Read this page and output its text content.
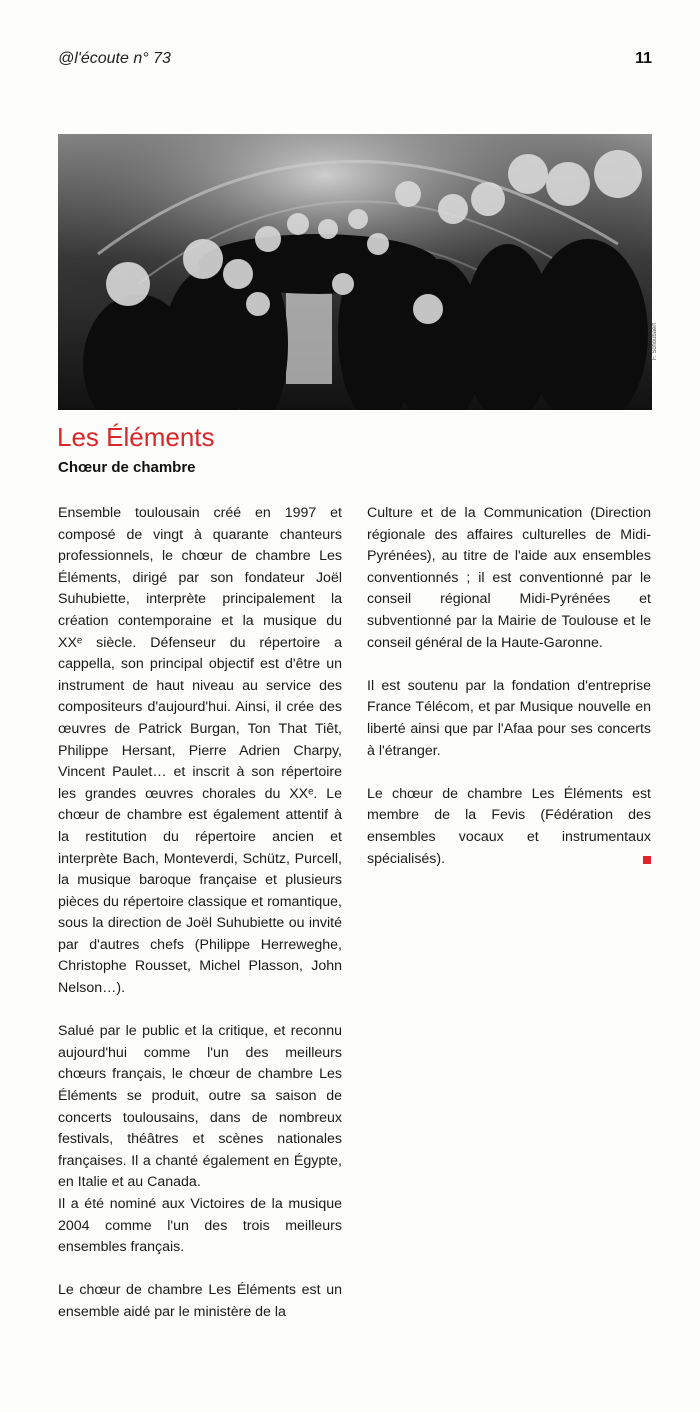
@l'écoute n° 73	11
F. Schoubaert
Les Éléments
Chœur de chambre

Ensemble toulousain créé en 1997 et composé de vingt à quarante chanteurs professionnels, le chœur de chambre Les Éléments, dirigé par son fondateur Joël Suhubiette, interprète principalement la création contemporaine et la musique du XXᵉ siècle. Défenseur du répertoire a cappella, son principal objectif est d'être un instrument de haut niveau au service des compositeurs d'aujourd'hui. Ainsi, il crée des œuvres de Patrick Burgan, Ton That Tiêt, Philippe Hersant, Pierre Adrien Charpy, Vincent Paulet… et inscrit à son répertoire les grandes œuvres chorales du XXᵉ. Le chœur de chambre est également attentif à la restitution du répertoire ancien et interprète Bach, Monteverdi, Schütz, Purcell, la musique baroque française et plusieurs pièces du répertoire classique et romantique, sous la direction de Joël Suhubiette ou invité par d'autres chefs (Philippe Herreweghe, Christophe Rousset, Michel Plasson, John Nelson…).

Salué par le public et la critique, et reconnu aujourd'hui comme l'un des meilleurs chœurs français, le chœur de chambre Les Éléments se produit, outre sa saison de concerts toulousains, dans de nombreux festivals, théâtres et scènes nationales françaises. Il a chanté également en Égypte, en Italie et au Canada.

Il a été nominé aux Victoires de la musique 2004 comme l'un des trois meilleurs ensembles français.

Le chœur de chambre Les Éléments est un ensemble aidé par le ministère de la

Culture et de la Communication (Direction régionale des affaires culturelles de Midi-Pyrénées), au titre de l'aide aux ensembles conventionnés ; il est conventionné par le conseil régional Midi-Pyrénées et subventionné par la Mairie de Toulouse et le conseil général de la Haute-Garonne.

Il est soutenu par la fondation d'entreprise France Télécom, et par Musique nouvelle en liberté ainsi que par l'Afaa pour ses concerts à l'étranger.

Le chœur de chambre Les Éléments est membre de la Fevis (Fédération des ensembles vocaux et instrumentaux spécialisés).
